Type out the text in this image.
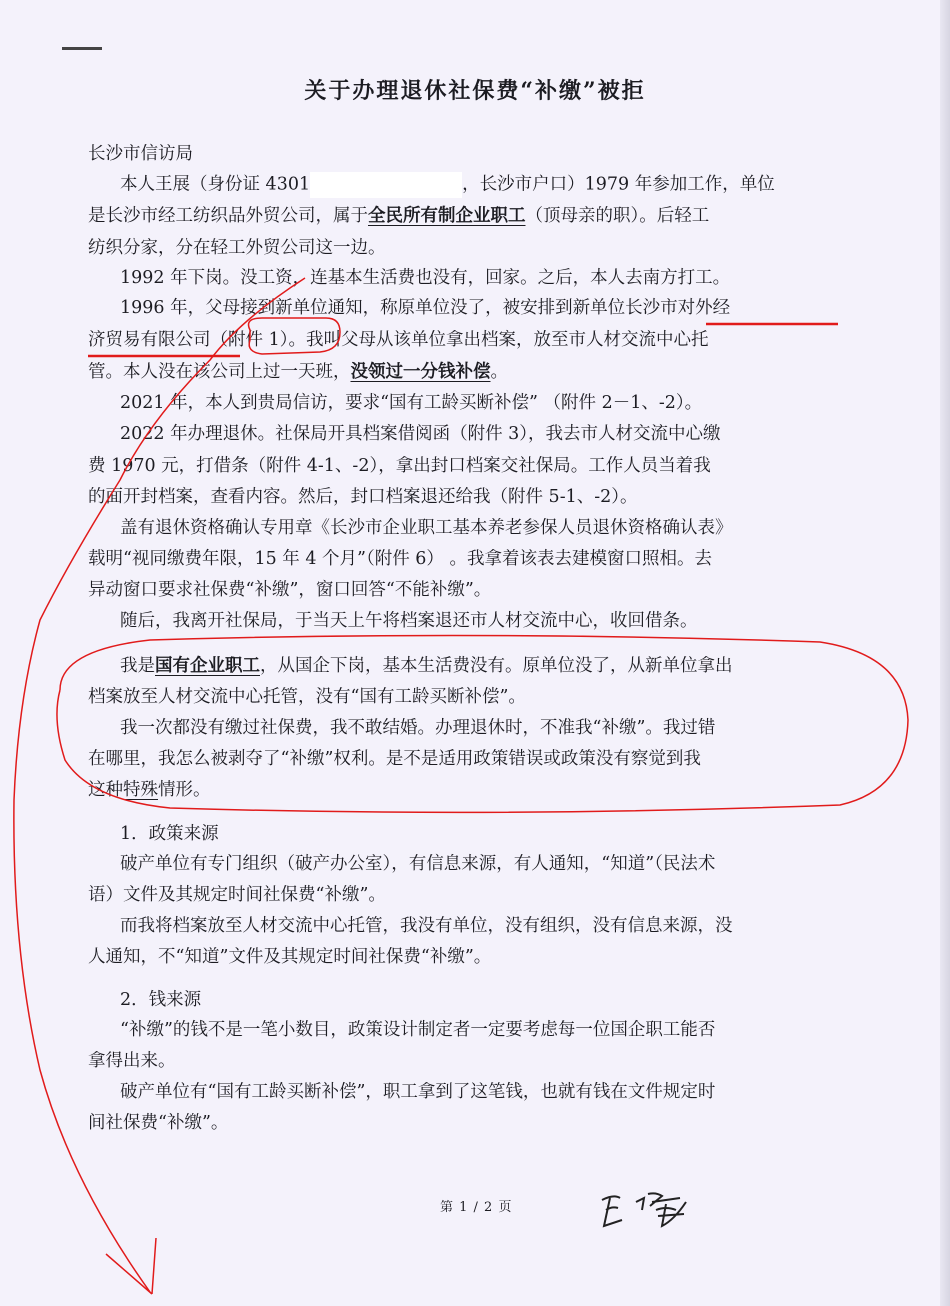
关于办理退休社保费“补缴”被拒
长沙市信访局
本人王展（身份证 4301	，长沙市户口）1979 年参加工作，单位
是长沙市经工纺织品外贸公司，属于全民所有制企业职工（顶母亲的职）。后轻工
纺织分家，分在轻工外贸公司这一边。
1992 年下岗。没工资，连基本生活费也没有，回家。之后，本人去南方打工。
1996 年，父母接到新单位通知，称原单位没了，被安排到新单位长沙市对外经
济贸易有限公司（附件 1）。我叫父母从该单位拿出档案，放至市人材交流中心托
管。本人没在该公司上过一天班，没领过一分钱补偿。
2021 年，本人到贵局信访，要求“国有工龄买断补偿” （附件 2－1、-2）。
2022 年办理退休。社保局开具档案借阅函（附件 3），我去市人材交流中心缴
费 1970 元，打借条（附件 4-1、-2），拿出封口档案交社保局。工作人员当着我
的面开封档案，查看内容。然后，封口档案退还给我（附件 5-1、-2）。
盖有退休资格确认专用章《长沙市企业职工基本养老参保人员退休资格确认表》
载明“视同缴费年限，15 年 4 个月”（附件 6） 。我拿着该表去建模窗口照相。去
异动窗口要求社保费“补缴”，窗口回答“不能补缴”。
随后，我离开社保局，于当天上午将档案退还市人材交流中心，收回借条。
我是国有企业职工，从国企下岗，基本生活费没有。原单位没了，从新单位拿出
档案放至人材交流中心托管，没有“国有工龄买断补偿”。
我一次都没有缴过社保费，我不敢结婚。办理退休时，不准我“补缴”。我过错
在哪里，我怎么被剥夺了“补缴”权利。是不是适用政策错误或政策没有察觉到我
这种特殊情形。
1．政策来源
破产单位有专门组织（破产办公室），有信息来源，有人通知，“知道”（民法术
语）文件及其规定时间社保费“补缴”。
而我将档案放至人材交流中心托管，我没有单位，没有组织，没有信息来源，没
人通知，不“知道”文件及其规定时间社保费“补缴”。
2．钱来源
“补缴”的钱不是一笔小数目，政策设计制定者一定要考虑每一位国企职工能否
拿得出来。
破产单位有“国有工龄买断补偿”，职工拿到了这笔钱，也就有钱在文件规定时
间社保费“补缴”。
第 1 / 2 页
